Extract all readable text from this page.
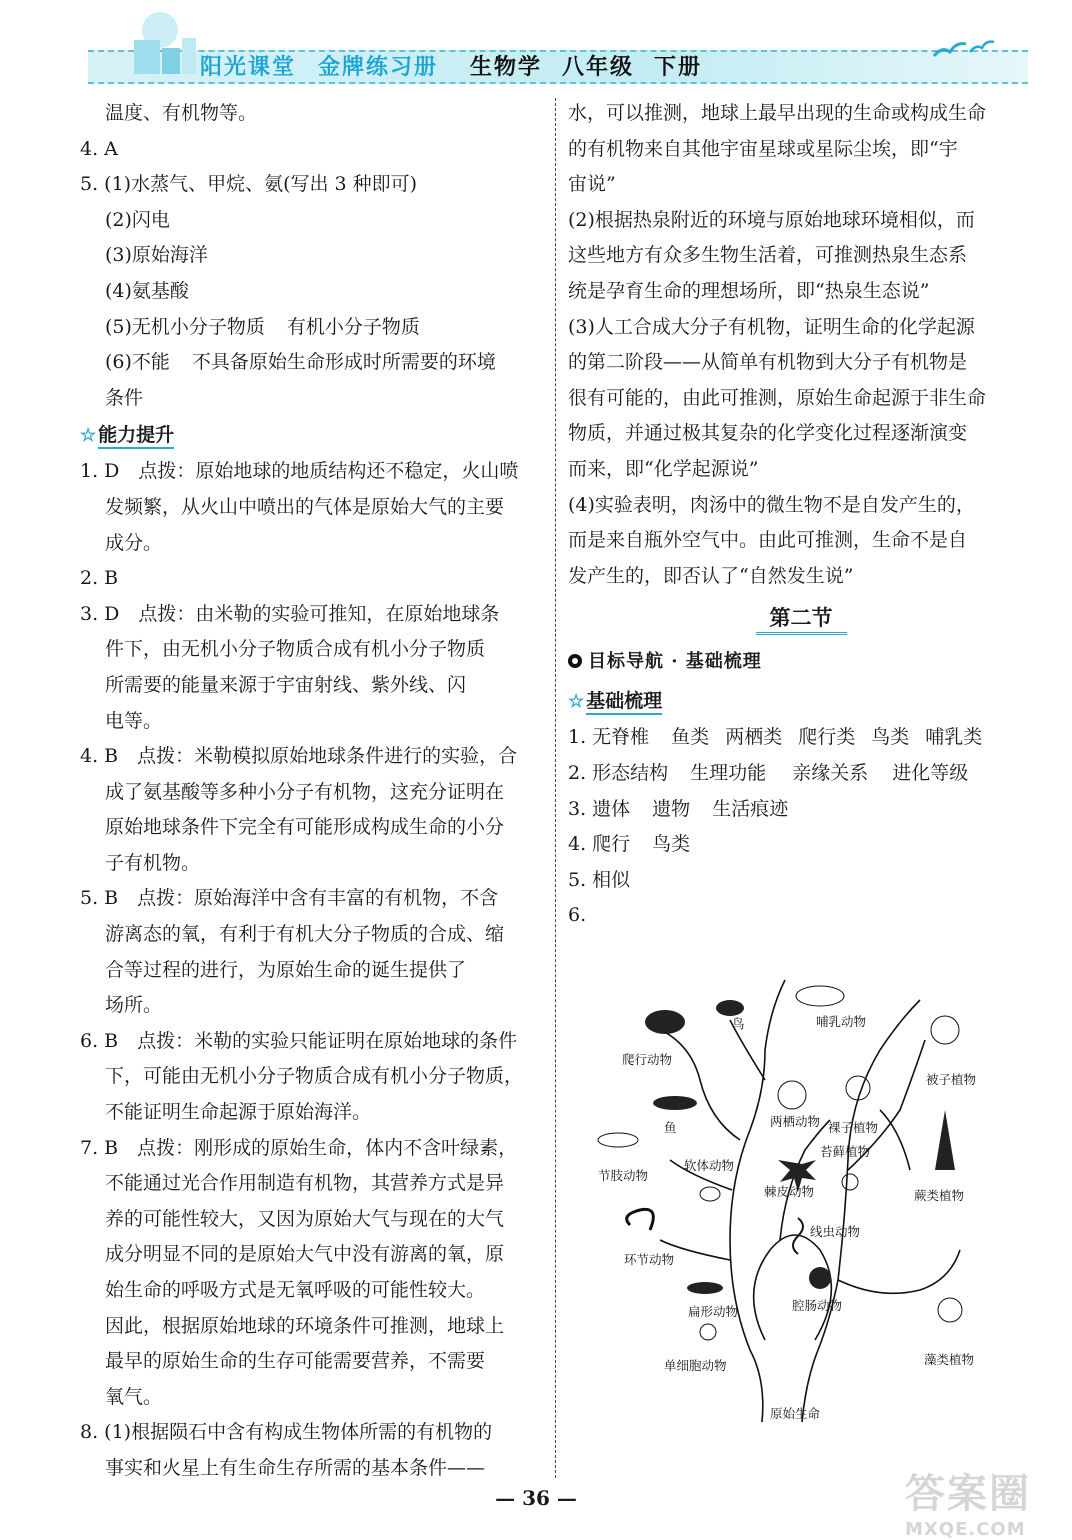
阳光课堂 金牌练习册	生物学 八年级 下册
温度、有机物等。
4. A
5. (1)水蒸气、甲烷、氨(写出 3 种即可)
(2)闪电
(3)原始海洋
(4)氨基酸
(5)无机小分子物质 有机小分子物质
(6)不能 不具备原始生命形成时所需要的环境
条件
☆ 能力提升
1. D　点拨：原始地球的地质结构还不稳定，火山喷
发频繁，从火山中喷出的气体是原始大气的主要
成分。
2. B
3. D　点拨：由米勒的实验可推知，在原始地球条
件下，由无机小分子物质合成有机小分子物质
所需要的能量来源于宇宙射线、紫外线、闪
电等。
4. B　点拨：米勒模拟原始地球条件进行的实验，合
成了氨基酸等多种小分子有机物，这充分证明在
原始地球条件下完全有可能形成构成生命的小分
子有机物。
5. B　点拨：原始海洋中含有丰富的有机物，不含
游离态的氧，有利于有机大分子物质的合成、缩
合等过程的进行，为原始生命的诞生提供了
场所。
6. B　点拨：米勒的实验只能证明在原始地球的条件
下，可能由无机小分子物质合成有机小分子物质，
不能证明生命起源于原始海洋。
7. B　点拨：刚形成的原始生命，体内不含叶绿素，
不能通过光合作用制造有机物，其营养方式是异
养的可能性较大，又因为原始大气与现在的大气
成分明显不同的是原始大气中没有游离的氧，原
始生命的呼吸方式是无氧呼吸的可能性较大。
因此，根据原始地球的环境条件可推测，地球上
最早的原始生命的生存可能需要营养，不需要
氧气。
8. (1)根据陨石中含有构成生物体所需的有机物的
事实和火星上有生命生存所需的基本条件——
水，可以推测，地球上最早出现的生命或构成生命
的有机物来自其他宇宙星球或星际尘埃，即“宇
宙说”
(2)根据热泉附近的环境与原始地球环境相似，而
这些地方有众多生物生活着，可推测热泉生态系
统是孕育生命的理想场所，即“热泉生态说”
(3)人工合成大分子有机物，证明生命的化学起源
的第二阶段——从简单有机物到大分子有机物是
很有可能的，由此可推测，原始生命起源于非生命
物质，并通过极其复杂的化学变化过程逐渐演变
而来，即“化学起源说”
(4)实验表明，肉汤中的微生物不是自发产生的，
而是来自瓶外空气中。由此可推测，生命不是自
发产生的，即否认了“自然发生说”
第二节
目标导航 · 基础梳理
☆ 基础梳理
1. 无脊椎 鱼类 两栖类 爬行类 鸟类 哺乳类
2. 形态结构 生理功能 亲缘关系 进化等级
3. 遗体 遗物 生活痕迹
4. 爬行 鸟类
5. 相似
6.
鸟	哺乳动物
爬行动物
被子植物
两栖动物 裸子植物
鱼
苔藓植物
节肢动物
软体动物
棘皮动物	蕨类植物
线虫动物
环节动物
扁形动物	腔肠动物
藻类植物
单细胞动物
原始生命
— 36 —	答案圈
MXQE.COM
